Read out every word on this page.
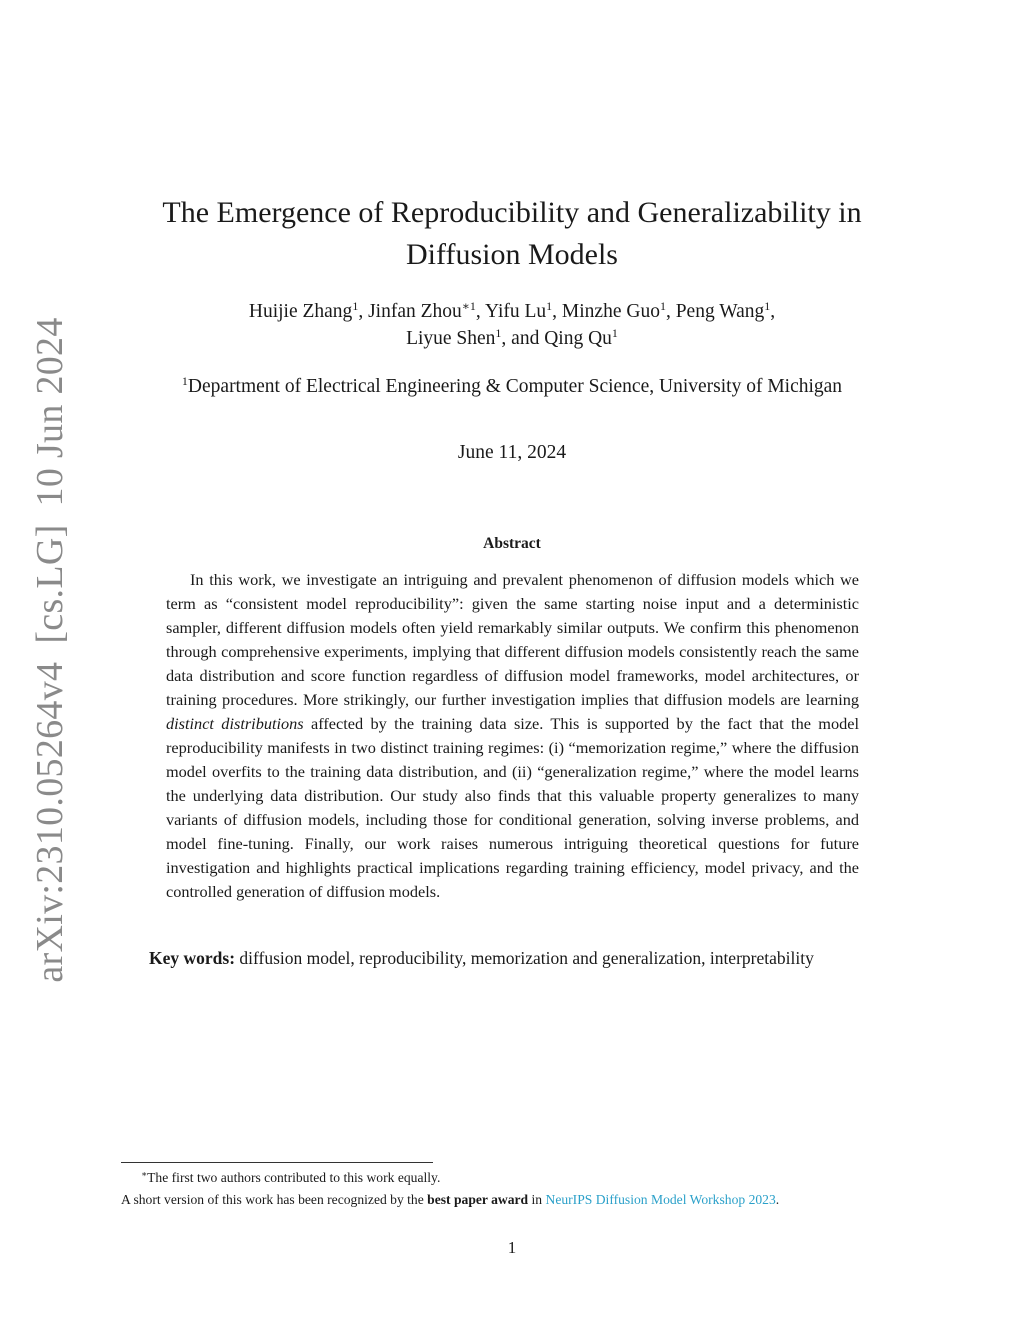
arXiv:2310.05264v4[cs.LG]10 Jun 2024
The Emergence of Reproducibility and Generalizability in Diffusion Models
Huijie Zhang$^1$, Jinfan Zhou$^{∗1}$, Yifu Lu$^1$, Minzhe Guo$^1$, Peng Wang$^1$,
Liyue Shen$^1$, and Qing Qu$^1$
$^1$Department of Electrical Engineering & Computer Science, University of Michigan
June 11, 2024
Abstract

In this work, we investigate an intriguing and prevalent phenomenon of diffusion models which we term as “consistent model reproducibility”: given the same starting noise input and a deterministic sampler, different diffusion models often yield remarkably similar outputs. We confirm this phenomenon through comprehensive experiments, implying that different diffusion models consistently reach the same data distribution and score function regardless of diffusion model frameworks, model architectures, or training procedures. More strikingly, our further investigation implies that diffusion models are learning distinct distributions affected by the training data size. This is supported by the fact that the model reproducibility manifests in two distinct training regimes: (i) “memorization regime,” where the diffusion model overfits to the training data distribution, and (ii) “generalization regime,” where the model learns the underlying data distribution. Our study also finds that this valuable property generalizes to many variants of diffusion models, including those for conditional generation, solving inverse problems, and model fine-tuning. Finally, our work raises numerous intriguing theoretical questions for future investigation and highlights practical implications regarding training efficiency, model privacy, and the controlled generation of diffusion models.

Key words: diffusion model, reproducibility, memorization and generalization, interpretability
∗The first two authors contributed to this work equally.
A short version of this work has been recognized by the best paper award in NeurIPS Diffusion Model Workshop 2023.
1
